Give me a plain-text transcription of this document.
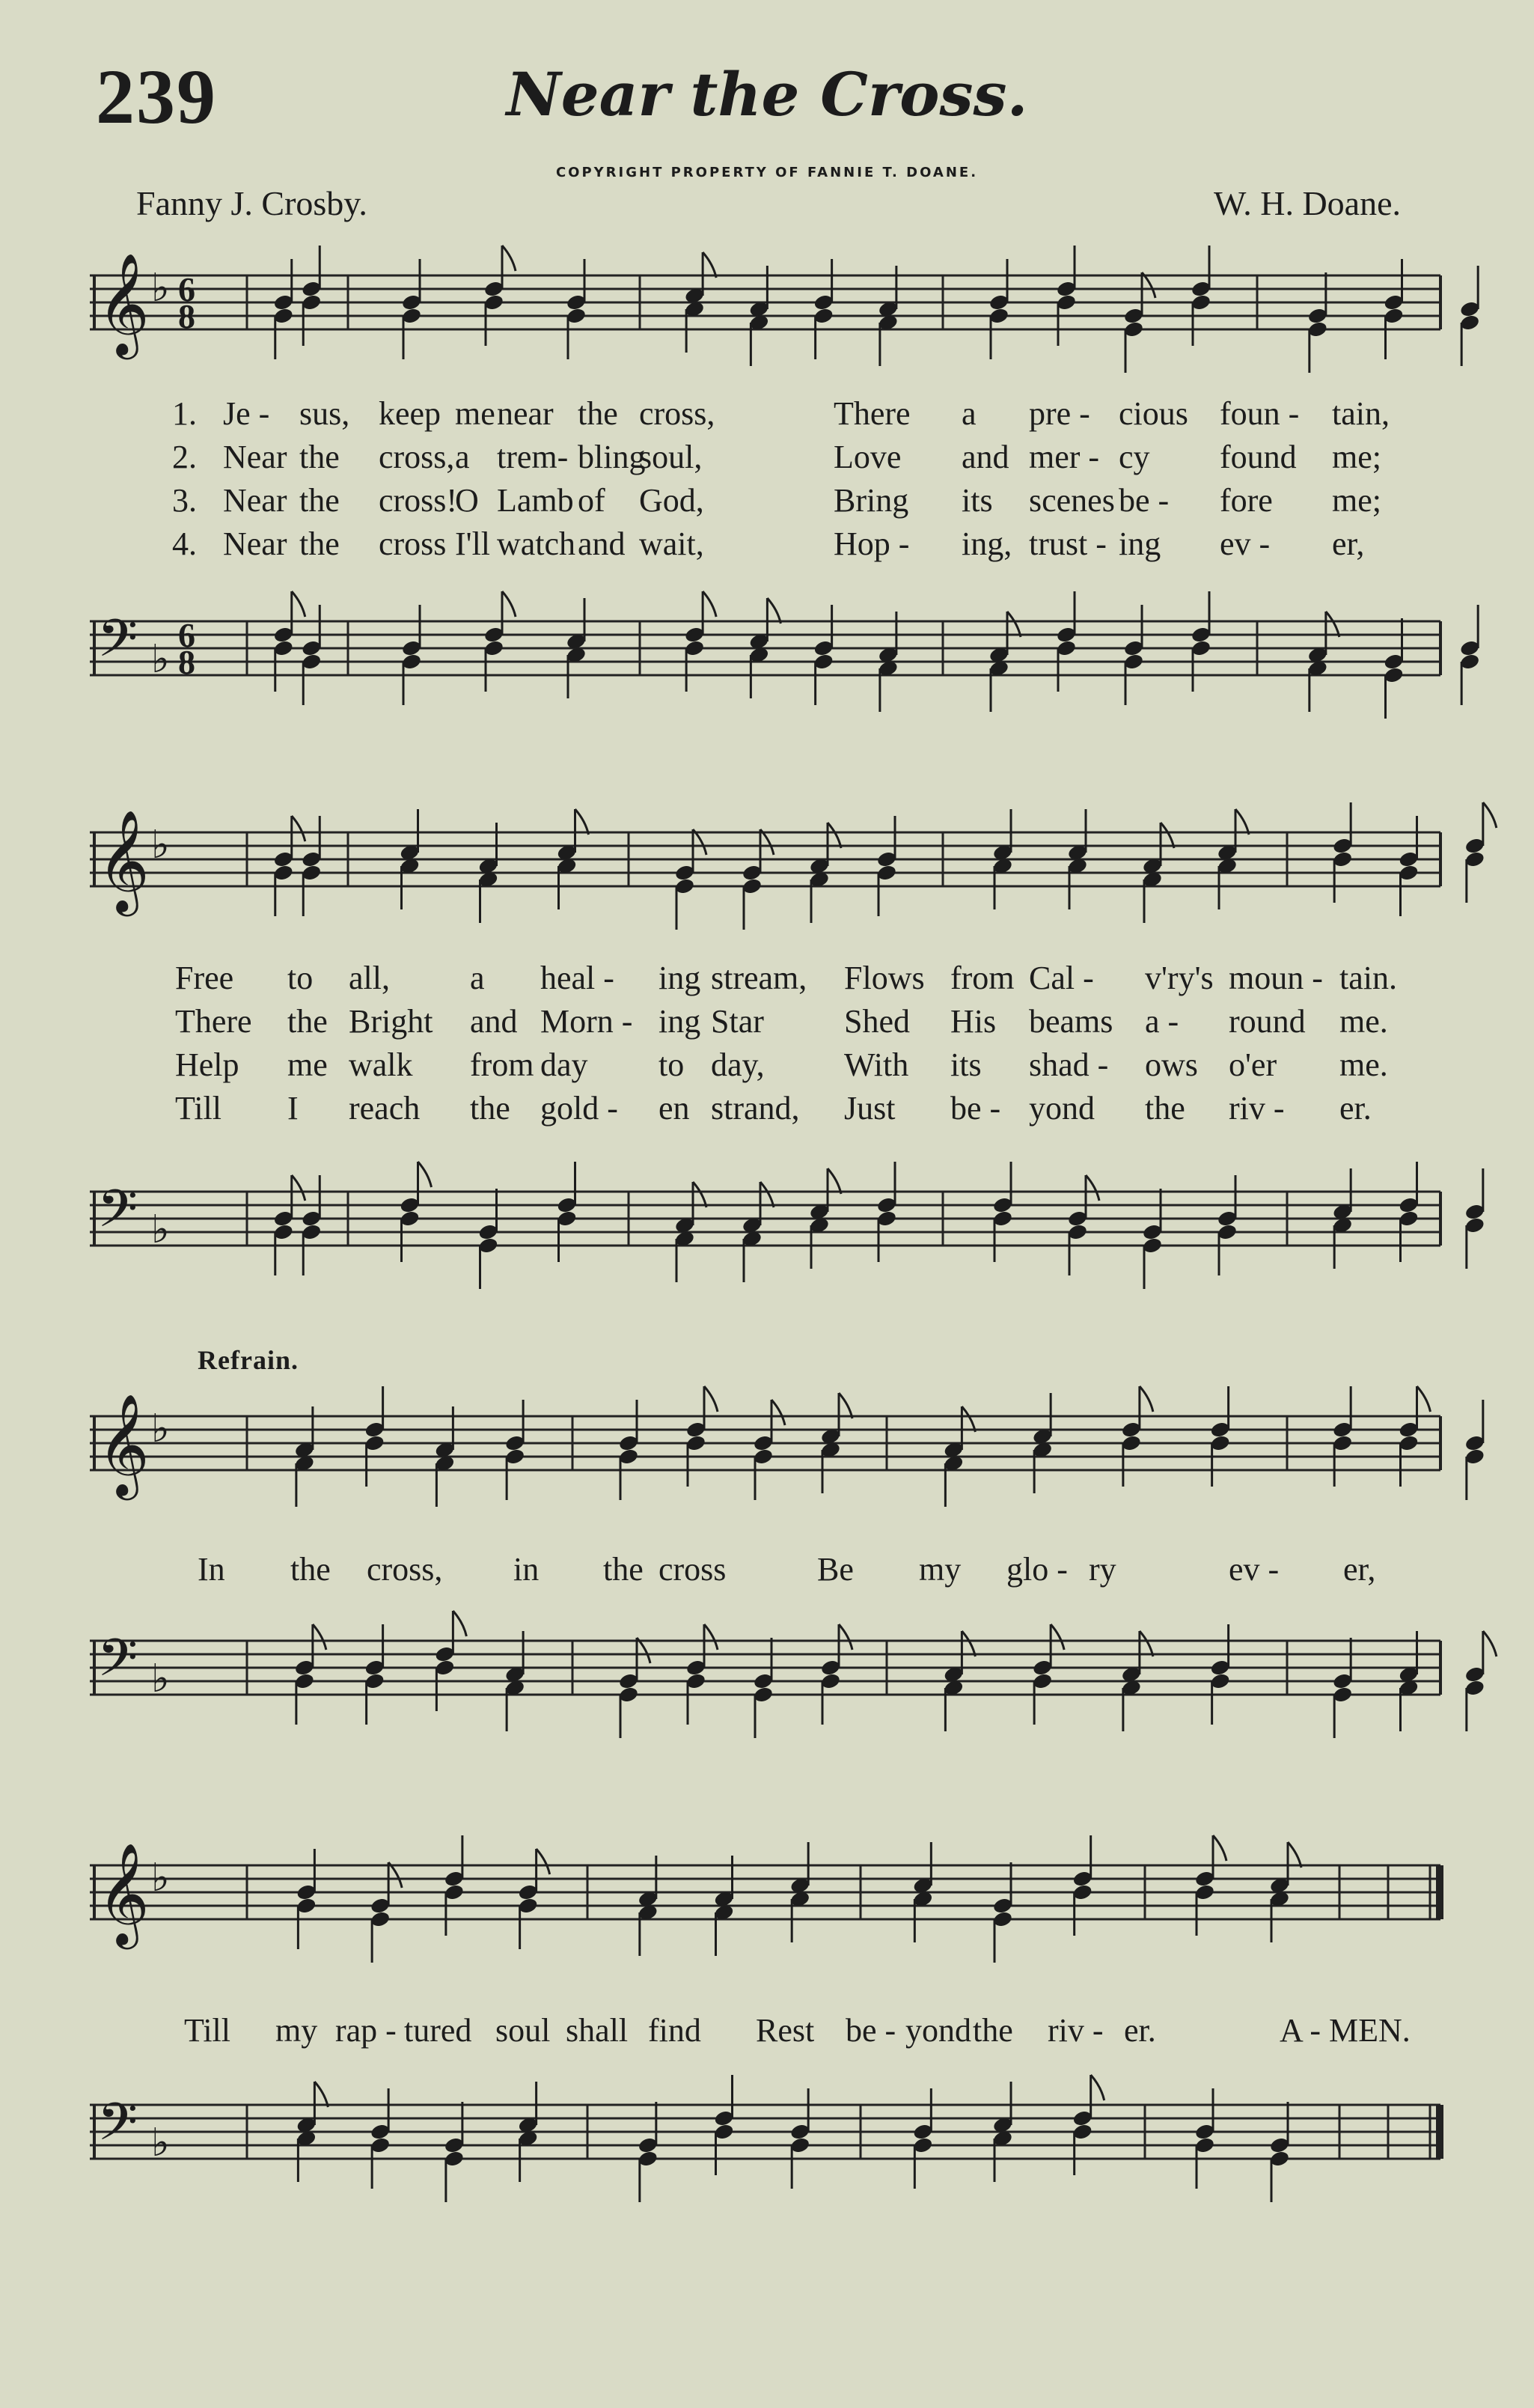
239	Near the Cross.
COPYRIGHT PROPERTY OF FANNIE T. DOANE.
Fanny J. Crosby.	W. H. Doane.
Refrain.
𝄞 ♭ 6
8
1. Je - sus, keep me near the cross,	There a pre - cious foun - tain,
2. Near the cross, a trem- bling
soul,	Love and mer - cy found me;
3. Near the cross!
O Lamb of God,	Bring its scenes be - fore me;
4. Near the cross I'll watch and wait,	Hop - ing, trust - ing ev - er,
𝄢 ♭
6
8
𝄞 ♭
Free to all, a heal - ing stream, Flows from Cal - v'ry's moun - tain.
There the Bright and Morn - ing Star Shed His beams a - round me.
Help me walk from day to day, With its shad - ows o'er me.
Till I reach the gold - en strand, Just be - yond the riv - er.
𝄢 ♭
𝄞 ♭
In the cross, in the cross	Be my glo - ry	ev - er,
𝄢 ♭
𝄞 ♭
Till my rap - tured soul shall find Rest be - yond the riv - er.	A - MEN.
𝄢 ♭
